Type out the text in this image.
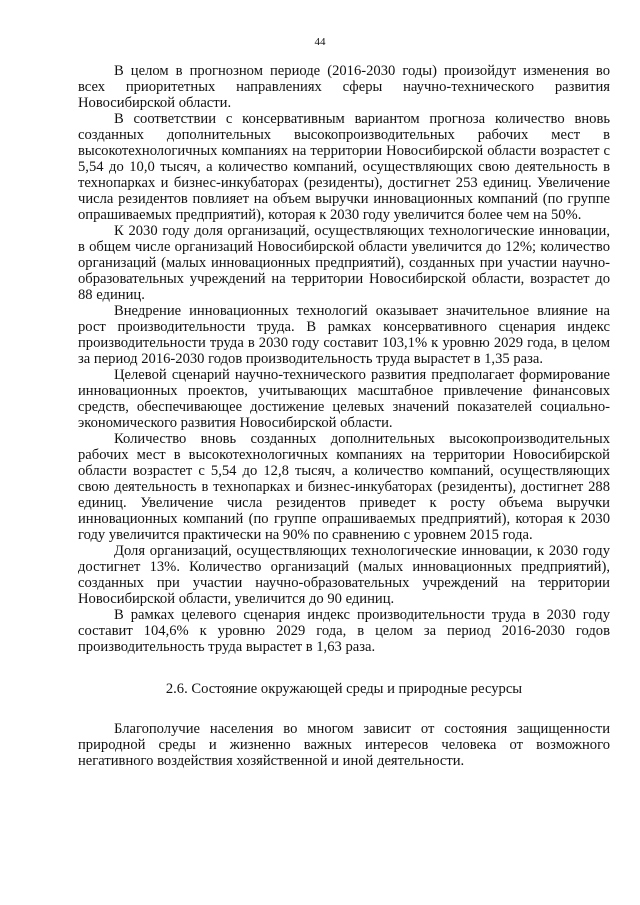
44

В целом в прогнозном периоде (2016-2030 годы) произойдут изменения во всех приоритетных направлениях сферы научно-технического развития Новосибирской области.

В соответствии с консервативным вариантом прогноза количество вновь созданных дополнительных высокопроизводительных рабочих мест в высокотехнологичных компаниях на территории Новосибирской области возрастет с 5,54 до 10,0 тысяч, а количество компаний, осуществляющих свою деятельность в технопарках и бизнес-инкубаторах (резиденты), достигнет 253 единиц. Увеличение числа резидентов повлияет на объем выручки инновационных компаний (по группе опрашиваемых предприятий), которая к 2030 году увеличится более чем на 50%.

К 2030 году доля организаций, осуществляющих технологические инновации, в общем числе организаций Новосибирской области увеличится до 12%; количество организаций (малых инновационных предприятий), созданных при участии научно-образовательных учреждений на территории Новосибирской области, возрастет до 88 единиц.

Внедрение инновационных технологий оказывает значительное влияние на рост производительности труда. В рамках консервативного сценария индекс производительности труда в 2030 году составит 103,1% к уровню 2029 года, в целом за период 2016-2030 годов производительность труда вырастет в 1,35 раза.

Целевой сценарий научно-технического развития предполагает формирование инновационных проектов, учитывающих масштабное привлечение финансовых средств, обеспечивающее достижение целевых значений показателей социально-экономического развития Новосибирской области.

Количество вновь созданных дополнительных высокопроизводительных рабочих мест в высокотехнологичных компаниях на территории Новосибирской области возрастет с 5,54 до 12,8 тысяч, а количество компаний, осуществляющих свою деятельность в технопарках и бизнес-инкубаторах (резиденты), достигнет 288 единиц. Увеличение числа резидентов приведет к росту объема выручки инновационных компаний (по группе опрашиваемых предприятий), которая к 2030 году увеличится практически на 90% по сравнению с уровнем 2015 года.

Доля организаций, осуществляющих технологические инновации, к 2030 году достигнет 13%. Количество организаций (малых инновационных предприятий), созданных при участии научно-образовательных учреждений на территории Новосибирской области, увеличится до 90 единиц.

В рамках целевого сценария индекс производительности труда в 2030 году составит 104,6% к уровню 2029 года, в целом за период 2016-2030 годов производительность труда вырастет в 1,63 раза.

2.6. Состояние окружающей среды и природные ресурсы

Благополучие населения во многом зависит от состояния защищенности природной среды и жизненно важных интересов человека от возможного негативного воздействия хозяйственной и иной деятельности.
